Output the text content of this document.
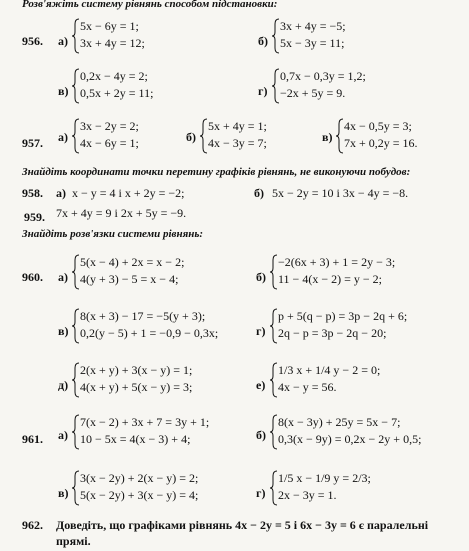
Розв'яжіть систему рівнянь способом підстановки:
956. а)
5x − 6y = 1;
3x + 4y = 12;	б)
3x + 4y = −5;
5x − 3y = 11;
в)
0,2x − 4y = 2;
0,5x + 2y = 11;	г)
0,7x − 0,3y = 1,2;
−2x + 5y = 9.
957. а)
3x − 2y = 2;
4x − 6y = 1;	б)
5x + 4y = 1;
4x − 3y = 7;	в)
4x − 0,5y = 3;
7x + 0,2y = 16.
Знайдіть координати точки перетину графіків рівнянь, не виконуючи побудов:
958. а) x − y = 4 і x + 2y = −2;	б) 5x − 2y = 10 і 3x − 4y = −8.
959. 7x + 4y = 9 і 2x + 5y = −9.
Знайдіть розв'язки системи рівнянь:
960. а)
5(x − 4) + 2x = x − 2;
4(y + 3) − 5 = x − 4;	б)
−2(6x + 3) + 1 = 2y − 3;
11 − 4(x − 2) = y − 2;
в)
8(x + 3) − 17 = −5(y + 3);
0,2(y − 5) + 1 = −0,9 − 0,3x;	г)
p + 5(q − p) = 3p − 2q + 6;
2q − p = 3p − 2q − 20;
д)
2(x + y) + 3(x − y) = 1;
4(x + y) + 5(x − y) = 3;	е)
1/3 x + 1/4 y − 2 = 0;
4x − y = 56.
961. а)
7(x − 2) + 3x + 7 = 3y + 1;
10 − 5x = 4(x − 3) + 4;	б)
8(x − 3y) + 25y = 5x − 7;
0,3(x − 9y) = 0,2x − 2y + 0,5;
в)
3(x − 2y) + 2(x − y) = 2;
5(x − 2y) + 3(x − y) = 4;	г)
1/5 x − 1/9 y = 2/3;
2x − 3y = 1.
962. Доведіть, що графіками рівнянь 4x − 2y = 5 і 6x − 3y = 6 є паралельні
прямі.
